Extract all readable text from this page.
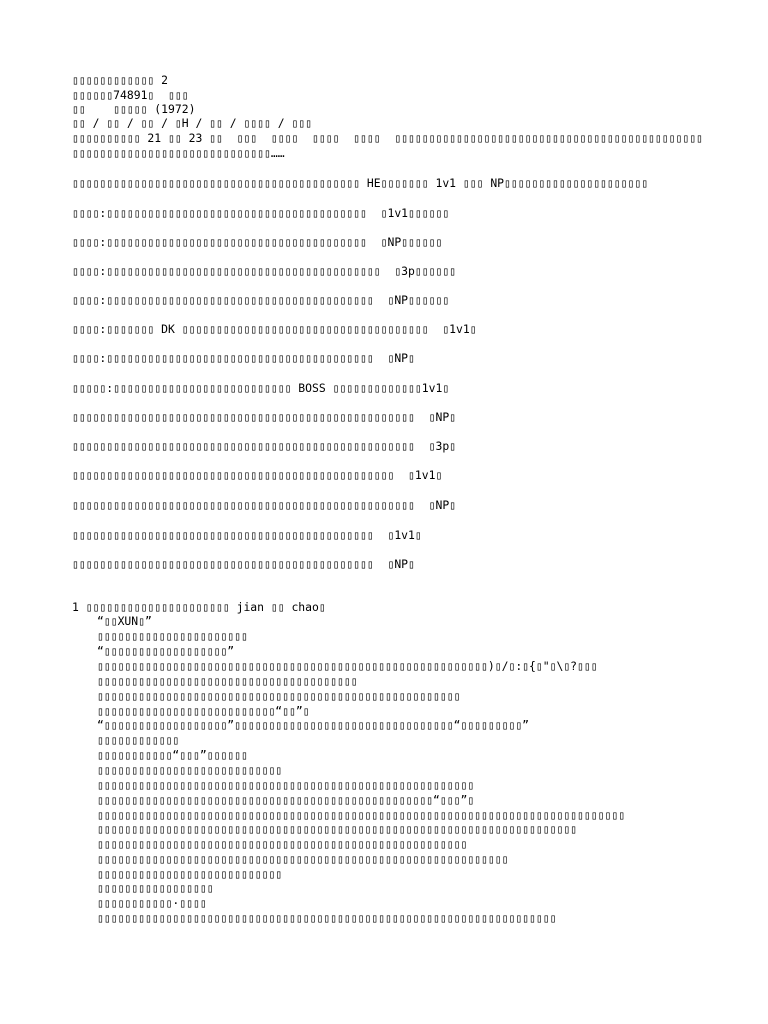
▯▯▯▯▯▯▯▯▯▯▯▯ 2
▯▯▯▯▯▯74891▯  ▯▯▯
▯▯    ▯▯▯▯▯ (1972)
▯▯ / ▯▯ / ▯▯ / ▯H / ▯▯ / ▯▯▯▯ / ▯▯▯
▯▯▯▯▯▯▯▯▯▯ 21 ▯▯ 23 ▯▯  ▯▯▯  ▯▯▯▯  ▯▯▯▯  ▯▯▯▯  ▯▯▯▯▯▯▯▯▯▯▯▯▯▯▯▯▯▯▯▯▯▯▯▯▯▯▯▯▯▯▯▯▯▯▯▯▯▯▯▯▯▯▯▯▯
▯▯▯▯▯▯▯▯▯▯▯▯▯▯▯▯▯▯▯▯▯▯▯▯▯▯▯▯▯……
▯▯▯▯▯▯▯▯▯▯▯▯▯▯▯▯▯▯▯▯▯▯▯▯▯▯▯▯▯▯▯▯▯▯▯▯▯▯▯▯▯▯ HE▯▯▯▯▯▯▯ 1v1 ▯▯▯ NP▯▯▯▯▯▯▯▯▯▯▯▯▯▯▯▯▯▯▯▯▯
▯▯▯▯:▯▯▯▯▯▯▯▯▯▯▯▯▯▯▯▯▯▯▯▯▯▯▯▯▯▯▯▯▯▯▯▯▯▯▯▯▯▯  ▯1v1▯▯▯▯▯▯
▯▯▯▯:▯▯▯▯▯▯▯▯▯▯▯▯▯▯▯▯▯▯▯▯▯▯▯▯▯▯▯▯▯▯▯▯▯▯▯▯▯▯  ▯NP▯▯▯▯▯▯
▯▯▯▯:▯▯▯▯▯▯▯▯▯▯▯▯▯▯▯▯▯▯▯▯▯▯▯▯▯▯▯▯▯▯▯▯▯▯▯▯▯▯▯▯  ▯3p▯▯▯▯▯▯
▯▯▯▯:▯▯▯▯▯▯▯▯▯▯▯▯▯▯▯▯▯▯▯▯▯▯▯▯▯▯▯▯▯▯▯▯▯▯▯▯▯▯▯  ▯NP▯▯▯▯▯▯
▯▯▯▯:▯▯▯▯▯▯▯ DK ▯▯▯▯▯▯▯▯▯▯▯▯▯▯▯▯▯▯▯▯▯▯▯▯▯▯▯▯▯▯▯▯▯▯▯▯  ▯1v1▯
▯▯▯▯:▯▯▯▯▯▯▯▯▯▯▯▯▯▯▯▯▯▯▯▯▯▯▯▯▯▯▯▯▯▯▯▯▯▯▯▯▯▯▯  ▯NP▯
▯▯▯▯▯:▯▯▯▯▯▯▯▯▯▯▯▯▯▯▯▯▯▯▯▯▯▯▯▯▯▯ BOSS ▯▯▯▯▯▯▯▯▯▯▯▯▯1v1▯
▯▯▯▯▯▯▯▯▯▯▯▯▯▯▯▯▯▯▯▯▯▯▯▯▯▯▯▯▯▯▯▯▯▯▯▯▯▯▯▯▯▯▯▯▯▯▯▯▯▯  ▯NP▯
▯▯▯▯▯▯▯▯▯▯▯▯▯▯▯▯▯▯▯▯▯▯▯▯▯▯▯▯▯▯▯▯▯▯▯▯▯▯▯▯▯▯▯▯▯▯▯▯▯▯  ▯3p▯
▯▯▯▯▯▯▯▯▯▯▯▯▯▯▯▯▯▯▯▯▯▯▯▯▯▯▯▯▯▯▯▯▯▯▯▯▯▯▯▯▯▯▯▯▯▯▯  ▯1v1▯
▯▯▯▯▯▯▯▯▯▯▯▯▯▯▯▯▯▯▯▯▯▯▯▯▯▯▯▯▯▯▯▯▯▯▯▯▯▯▯▯▯▯▯▯▯▯▯▯▯▯  ▯NP▯
▯▯▯▯▯▯▯▯▯▯▯▯▯▯▯▯▯▯▯▯▯▯▯▯▯▯▯▯▯▯▯▯▯▯▯▯▯▯▯▯▯▯▯▯  ▯1v1▯
▯▯▯▯▯▯▯▯▯▯▯▯▯▯▯▯▯▯▯▯▯▯▯▯▯▯▯▯▯▯▯▯▯▯▯▯▯▯▯▯▯▯▯▯  ▯NP▯
1 ▯▯▯▯▯▯▯▯▯▯▯▯▯▯▯▯▯▯▯▯▯ jian ▯▯ chao▯
“▯▯XUN▯”
▯▯▯▯▯▯▯▯▯▯▯▯▯▯▯▯▯▯▯▯▯▯
“▯▯▯▯▯▯▯▯▯▯▯▯▯▯▯▯▯▯”
▯▯▯▯▯▯▯▯▯▯▯▯▯▯▯▯▯▯▯▯▯▯▯▯▯▯▯▯▯▯▯▯▯▯▯▯▯▯▯▯▯▯▯▯▯▯▯▯▯▯▯▯▯▯▯▯▯)▯/▯:▯{▯"▯\▯?▯▯▯
▯▯▯▯▯▯▯▯▯▯▯▯▯▯▯▯▯▯▯▯▯▯▯▯▯▯▯▯▯▯▯▯▯▯▯▯▯▯
▯▯▯▯▯▯▯▯▯▯▯▯▯▯▯▯▯▯▯▯▯▯▯▯▯▯▯▯▯▯▯▯▯▯▯▯▯▯▯▯▯▯▯▯▯▯▯▯▯▯▯▯▯
▯▯▯▯▯▯▯▯▯▯▯▯▯▯▯▯▯▯▯▯▯▯▯▯▯▯“▯▯”▯
“▯▯▯▯▯▯▯▯▯▯▯▯▯▯▯▯▯▯”▯▯▯▯▯▯▯▯▯▯▯▯▯▯▯▯▯▯▯▯▯▯▯▯▯▯▯▯▯▯▯▯“▯▯▯▯▯▯▯▯▯”
▯▯▯▯▯▯▯▯▯▯▯▯
▯▯▯▯▯▯▯▯▯▯▯“▯▯▯”▯▯▯▯▯▯
▯▯▯▯▯▯▯▯▯▯▯▯▯▯▯▯▯▯▯▯▯▯▯▯▯▯▯
▯▯▯▯▯▯▯▯▯▯▯▯▯▯▯▯▯▯▯▯▯▯▯▯▯▯▯▯▯▯▯▯▯▯▯▯▯▯▯▯▯▯▯▯▯▯▯▯▯▯▯▯▯▯▯
▯▯▯▯▯▯▯▯▯▯▯▯▯▯▯▯▯▯▯▯▯▯▯▯▯▯▯▯▯▯▯▯▯▯▯▯▯▯▯▯▯▯▯▯▯▯▯▯▯“▯▯▯”▯
▯▯▯▯▯▯▯▯▯▯▯▯▯▯▯▯▯▯▯▯▯▯▯▯▯▯▯▯▯▯▯▯▯▯▯▯▯▯▯▯▯▯▯▯▯▯▯▯▯▯▯▯▯▯▯▯▯▯▯▯▯▯▯▯▯▯▯▯▯▯▯▯▯▯▯▯▯
▯▯▯▯▯▯▯▯▯▯▯▯▯▯▯▯▯▯▯▯▯▯▯▯▯▯▯▯▯▯▯▯▯▯▯▯▯▯▯▯▯▯▯▯▯▯▯▯▯▯▯▯▯▯▯▯▯▯▯▯▯▯▯▯▯▯▯▯▯▯
▯▯▯▯▯▯▯▯▯▯▯▯▯▯▯▯▯▯▯▯▯▯▯▯▯▯▯▯▯▯▯▯▯▯▯▯▯▯▯▯▯▯▯▯▯▯▯▯▯▯▯▯▯▯
▯▯▯▯▯▯▯▯▯▯▯▯▯▯▯▯▯▯▯▯▯▯▯▯▯▯▯▯▯▯▯▯▯▯▯▯▯▯▯▯▯▯▯▯▯▯▯▯▯▯▯▯▯▯▯▯▯▯▯▯
▯▯▯▯▯▯▯▯▯▯▯▯▯▯▯▯▯▯▯▯▯▯▯▯▯▯▯
▯▯▯▯▯▯▯▯▯▯▯▯▯▯▯▯▯
▯▯▯▯▯▯▯▯▯▯▯·▯▯▯▯
▯▯▯▯▯▯▯▯▯▯▯▯▯▯▯▯▯▯▯▯▯▯▯▯▯▯▯▯▯▯▯▯▯▯▯▯▯▯▯▯▯▯▯▯▯▯▯▯▯▯▯▯▯▯▯▯▯▯▯▯▯▯▯▯▯▯▯
